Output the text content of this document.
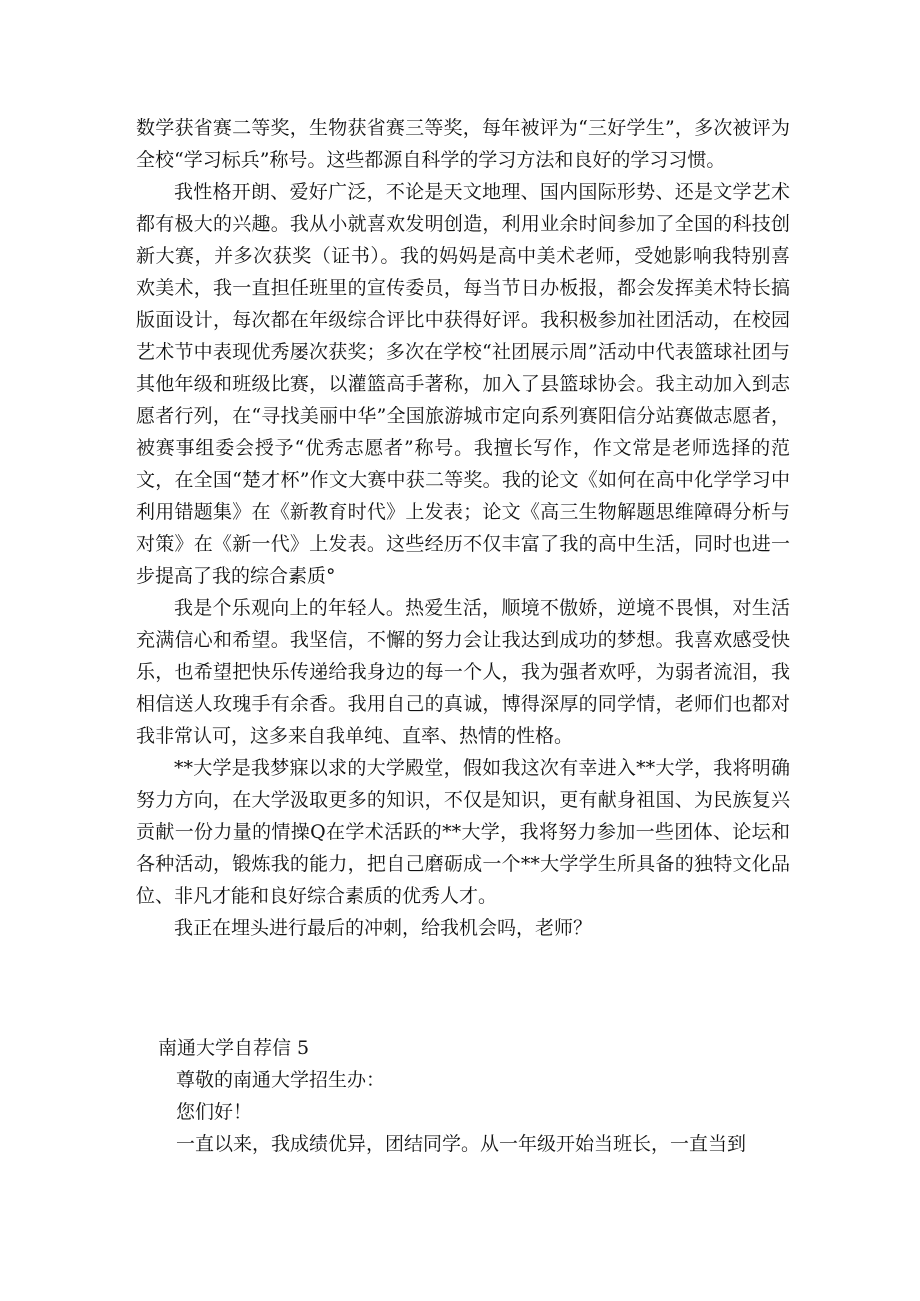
数学获省赛二等奖，生物获省赛三等奖，每年被评为“三好学生”，多次被评为全校“学习标兵”称号。这些都源自科学的学习方法和良好的学习习惯。

我性格开朗、爱好广泛，不论是天文地理、国内国际形势、还是文学艺术都有极大的兴趣。我从小就喜欢发明创造，利用业余时间参加了全国的科技创新大赛，并多次获奖（证书）。我的妈妈是高中美术老师，受她影响我特别喜欢美术，我一直担任班里的宣传委员，每当节日办板报，都会发挥美术特长搞版面设计，每次都在年级综合评比中获得好评。我积极参加社团活动，在校园艺术节中表现优秀屡次获奖；多次在学校“社团展示周”活动中代表篮球社团与其他年级和班级比赛，以灌篮高手著称，加入了县篮球协会。我主动加入到志愿者行列，在“寻找美丽中华”全国旅游城市定向系列赛阳信分站赛做志愿者，被赛事组委会授予“优秀志愿者”称号。我擅长写作，作文常是老师选择的范文，在全国“楚才杯”作文大赛中获二等奖。我的论文《如何在高中化学学习中利用错题集》在《新教育时代》上发表；论文《高三生物解题思维障碍分析与对策》在《新一代》上发表。这些经历不仅丰富了我的高中生活，同时也进一步提高了我的综合素质°

我是个乐观向上的年轻人。热爱生活，顺境不傲娇，逆境不畏惧，对生活充满信心和希望。我坚信，不懈的努力会让我达到成功的梦想。我喜欢感受快乐，也希望把快乐传递给我身边的每一个人，我为强者欢呼，为弱者流泪，我相信送人玫瑰手有余香。我用自己的真诚，博得深厚的同学情，老师们也都对我非常认可，这多来自我单纯、直率、热情的性格。

**大学是我梦寐以求的大学殿堂，假如我这次有幸进入**大学，我将明确努力方向，在大学汲取更多的知识，不仅是知识，更有献身祖国、为民族复兴贡献一份力量的情操Q在学术活跃的**大学，我将努力参加一些团体、论坛和各种活动，锻炼我的能力，把自己磨砺成一个**大学学生所具备的独特文化品位、非凡才能和良好综合素质的优秀人才。

我正在埋头进行最后的冲刺，给我机会吗，老师？

南通大学自荐信 5

尊敬的南通大学招生办：

您们好！

一直以来，我成绩优异，团结同学。从一年级开始当班长，一直当到
